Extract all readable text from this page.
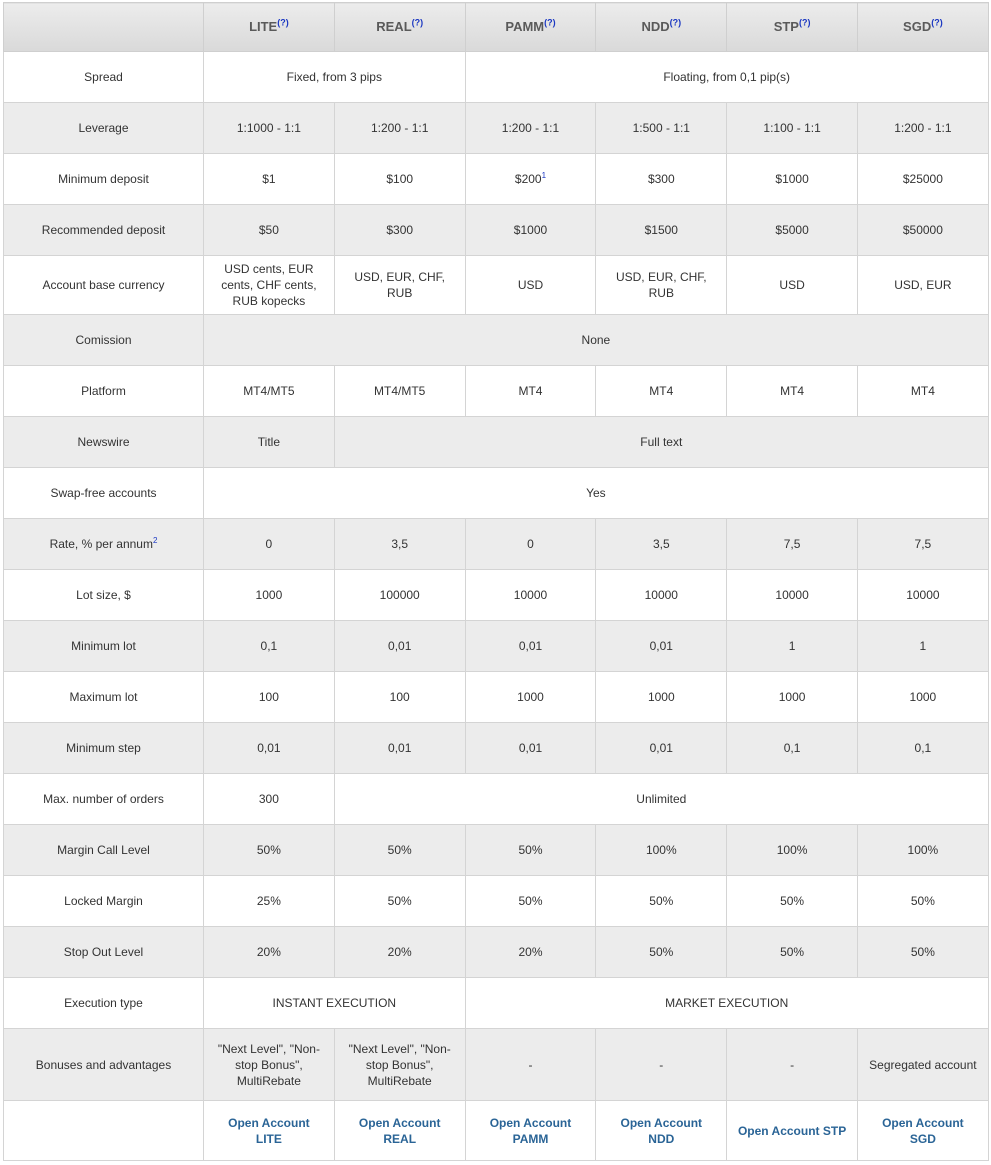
	LITE(?)	REAL(?)	PAMM(?)	NDD(?)	STP(?)	SGD(?)
Spread	Fixed, from 3 pips		Floating, from 0,1 pip(s)			
Leverage	1:1000 - 1:1	1:200 - 1:1	1:200 - 1:1	1:500 - 1:1	1:100 - 1:1	1:200 - 1:1
Minimum deposit	$1	$100	$200$^1$	$300	$1000	$25000
Recommended deposit	$50	$300	$1000	$1500	$5000	$50000
Account base currency	USD cents, EUR cents, CHF cents, RUB kopecks	USD, EUR, CHF, RUB	USD	USD, EUR, CHF, RUB	USD	USD, EUR
Comission	None					
Platform	MT4/MT5	MT4/MT5	MT4	MT4	MT4	MT4
Newswire	Title	Full text				
Swap-free accounts	Yes					
Rate, % per annum$^2$	0	3,5	0	3,5	7,5	7,5
Lot size, $	1000	100000	10000	10000	10000	10000
Minimum lot	0,1	0,01	0,01	0,01	1	1
Maximum lot	100	100	1000	1000	1000	1000
Minimum step	0,01	0,01	0,01	0,01	0,1	0,1
Max. number of orders	300	Unlimited				
Margin Call Level	50%	50%	50%	100%	100%	100%
Locked Margin	25%	50%	50%	50%	50%	50%
Stop Out Level	20%	20%	20%	50%	50%	50%
Execution type	INSTANT EXECUTION		MARKET EXECUTION			
Bonuses and advantages	"Next Level", "Non-stop Bonus", MultiRebate	"Next Level", "Non-stop Bonus", MultiRebate	-	-	-	Segregated account
	Open Account LITE	Open Account REAL	Open Account PAMM	Open Account NDD	Open Account STP	Open Account SGD
